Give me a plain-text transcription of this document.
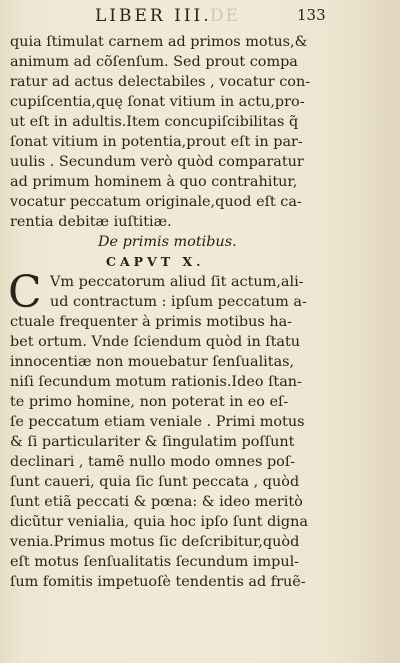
LIBER III.
DE	133
quia ſtimulat carnem ad primos motus,&
animum ad cõſenſum. Sed prout compa
ratur ad actus delectabiles , vocatur con-
cupiſcentia,quę ſonat vitium in actu,pro-
ut eſt in adultis.Item concupiſcibilitas q̃
ſonat vitium in potentia,prout eſt in par-
uulis . Secundum verò quòd comparatur
ad primum hominem à quo contrahitur,
vocatur peccatum originale,quod eſt ca-
rentia debitæ iuſtitiæ.
De primis motibus.
CAPVT X.
C Vm peccatorum aliud ſit actum,ali-
ud contractum : ipſum peccatum a-
ctuale frequenter à primis motibus ha-
bet ortum. Vnde ſciendum quòd in ſtatu
innocentiæ non mouebatur ſenſualitas,
niſi ſecundum motum rationis.Ideo ſtan-
te primo homine, non poterat in eo eſ-
ſe peccatum etiam veniale . Primi motus
& ſi particulariter & ſingulatim poſſunt
declinari , tamẽ nullo modo omnes poſ-
ſunt caueri, quia ſic ſunt peccata , quòd
ſunt etiã peccati & pœna: & ideo meritò
dicũtur venialia, quia hoc ipſo ſunt digna
venia.Primus motus ſic deſcribitur,quòd
eſt motus ſenſualitatis ſecundum impul-
ſum fomitis impetuoſè tendentis ad fruẽ-
